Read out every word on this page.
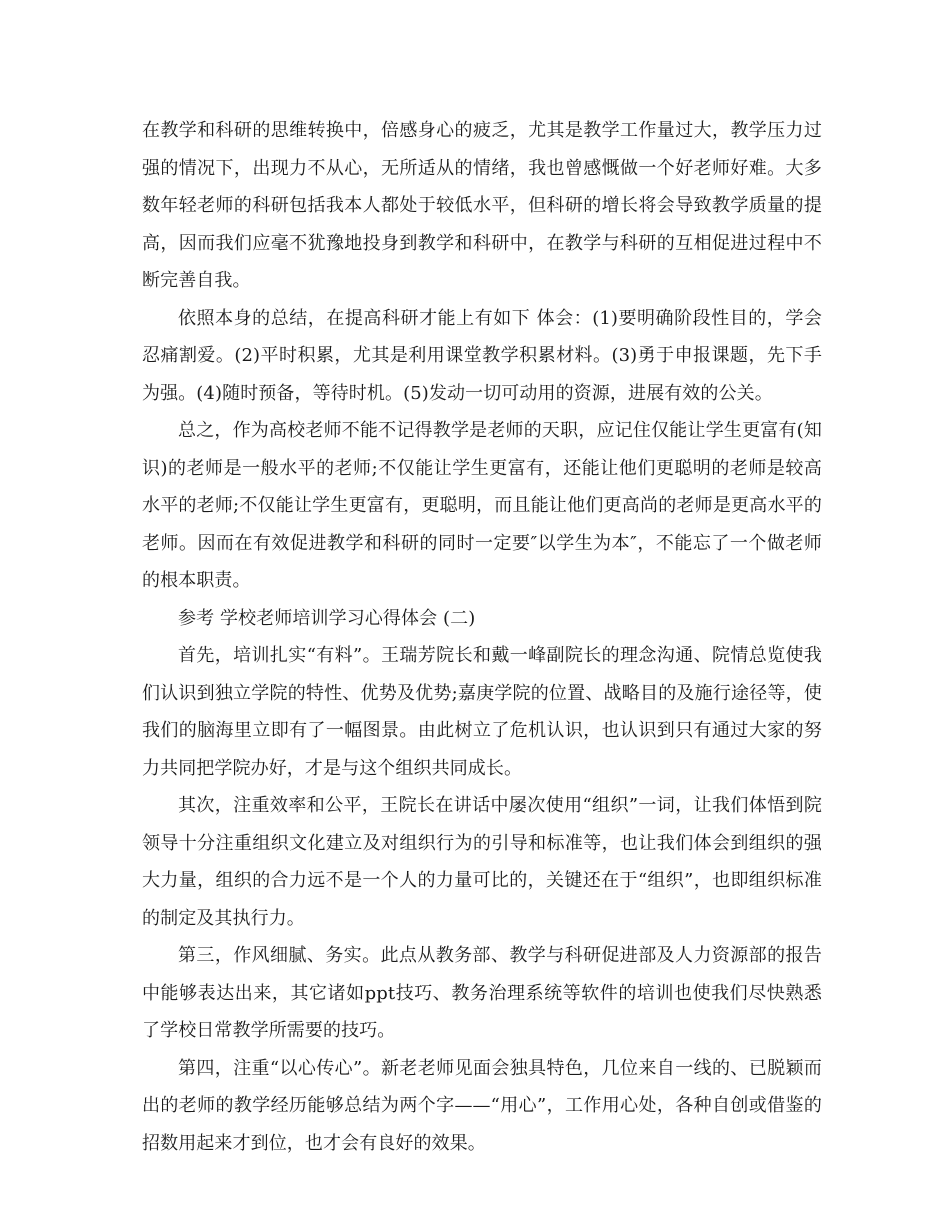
在教学和科研的思维转换中，倍感身心的疲乏，尤其是教学工作量过大，教学压力过强的情况下，出现力不从心，无所适从的情绪，我也曾感慨做一个好老师好难。大多数年轻老师的科研包括我本人都处于较低水平，但科研的增长将会导致教学质量的提高，因而我们应毫不犹豫地投身到教学和科研中，在教学与科研的互相促进过程中不断完善自我。

依照本身的总结，在提高科研才能上有如下 体会：(1)要明确阶段性目的，学会忍痛割爱。(2)平时积累，尤其是利用课堂教学积累材料。(3)勇于申报课题，先下手为强。(4)随时预备，等待时机。(5)发动一切可动用的资源，进展有效的公关。

总之，作为高校老师不能不记得教学是老师的天职，应记住仅能让学生更富有(知识)的老师是一般水平的老师;不仅能让学生更富有，还能让他们更聪明的老师是较高水平的老师;不仅能让学生更富有，更聪明，而且能让他们更高尚的老师是更高水平的老师。因而在有效促进教学和科研的同时一定要″以学生为本″，不能忘了一个做老师的根本职责。

参考 学校老师培训学习心得体会 (二)

首先，培训扎实“有料”。王瑞芳院长和戴一峰副院长的理念沟通、院情总览使我们认识到独立学院的特性、优势及优势;嘉庚学院的位置、战略目的及施行途径等，使我们的脑海里立即有了一幅图景。由此树立了危机认识，也认识到只有通过大家的努力共同把学院办好，才是与这个组织共同成长。

其次，注重效率和公平，王院长在讲话中屡次使用“组织”一词，让我们体悟到院领导十分注重组织文化建立及对组织行为的引导和标准等，也让我们体会到组织的强大力量，组织的合力远不是一个人的力量可比的，关键还在于“组织”，也即组织标准的制定及其执行力。

第三，作风细腻、务实。此点从教务部、教学与科研促进部及人力资源部的报告中能够表达出来，其它诸如ppt技巧、教务治理系统等软件的培训也使我们尽快熟悉了学校日常教学所需要的技巧。

第四，注重“以心传心”。新老老师见面会独具特色，几位来自一线的、已脱颖而出的老师的教学经历能够总结为两个字——“用心”，工作用心处，各种自创或借鉴的招数用起来才到位，也才会有良好的效果。
